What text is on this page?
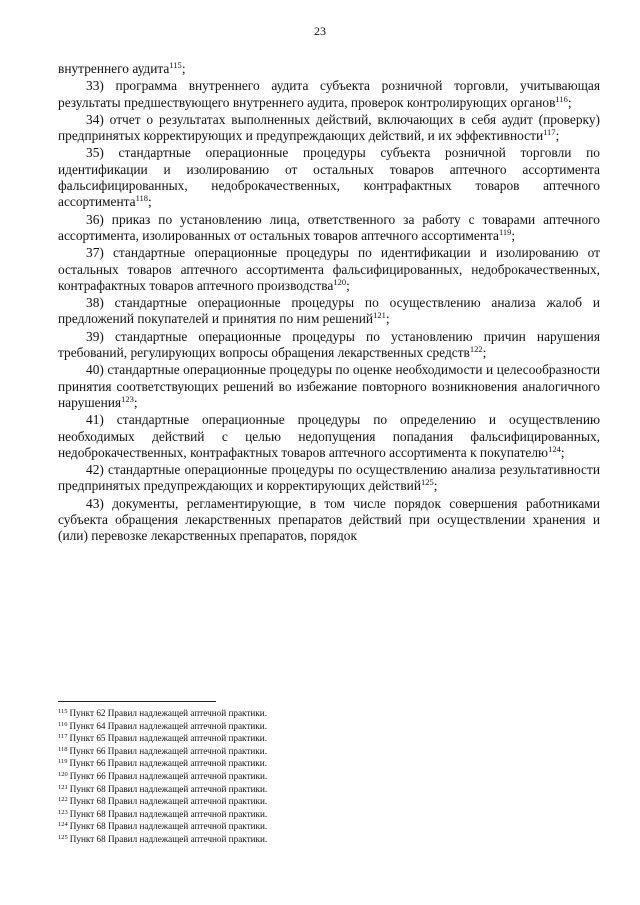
23

внутреннего аудита$^{115}$;

33) программа внутреннего аудита субъекта розничной торговли, учитывающая результаты предшествующего внутреннего аудита, проверок контролирующих органов$^{116}$;

34) отчет о результатах выполненных действий, включающих в себя аудит (проверку) предпринятых корректирующих и предупреждающих действий, и их эффективности$^{117}$;

35) стандартные операционные процедуры субъекта розничной торговли по идентификации и изолированию от остальных товаров аптечного ассортимента фальсифицированных, недоброкачественных, контрафактных товаров аптечного ассортимента$^{118}$;

36) приказ по установлению лица, ответственного за работу с товарами аптечного ассортимента, изолированных от остальных товаров аптечного ассортимента$^{119}$;

37) стандартные операционные процедуры по идентификации и изолированию от остальных товаров аптечного ассортимента фальсифицированных, недоброкачественных, контрафактных товаров аптечного производства$^{120}$;

38) стандартные операционные процедуры по осуществлению анализа жалоб и предложений покупателей и принятия по ним решений$^{121}$;

39) стандартные операционные процедуры по установлению причин нарушения требований, регулирующих вопросы обращения лекарственных средств$^{122}$;

40) стандартные операционные процедуры по оценке необходимости и целесообразности принятия соответствующих решений во избежание повторного возникновения аналогичного нарушения$^{123}$;

41) стандартные операционные процедуры по определению и осуществлению необходимых действий с целью недопущения попадания фальсифицированных, недоброкачественных, контрафактных товаров аптечного ассортимента к покупателю$^{124}$;

42) стандартные операционные процедуры по осуществлению анализа результативности предпринятых предупреждающих и корректирующих действий$^{125}$;

43) документы, регламентирующие, в том числе порядок совершения работниками субъекта обращения лекарственных препаратов действий при осуществлении хранения и (или) перевозке лекарственных препаратов, порядок

$^{115}$ Пункт 62 Правил надлежащей аптечной практики.
$^{116}$ Пункт 64 Правил надлежащей аптечной практики.
$^{117}$ Пункт 65 Правил надлежащей аптечной практики.
$^{118}$ Пункт 66 Правил надлежащей аптечной практики.
$^{119}$ Пункт 66 Правил надлежащей аптечной практики.
$^{120}$ Пункт 66 Правил надлежащей аптечной практики.
$^{121}$ Пункт 68 Правил надлежащей аптечной практики.
$^{122}$ Пункт 68 Правил надлежащей аптечной практики.
$^{123}$ Пункт 68 Правил надлежащей аптечной практики.
$^{124}$ Пункт 68 Правил надлежащей аптечной практики.
$^{125}$ Пункт 68 Правил надлежащей аптечной практики.
